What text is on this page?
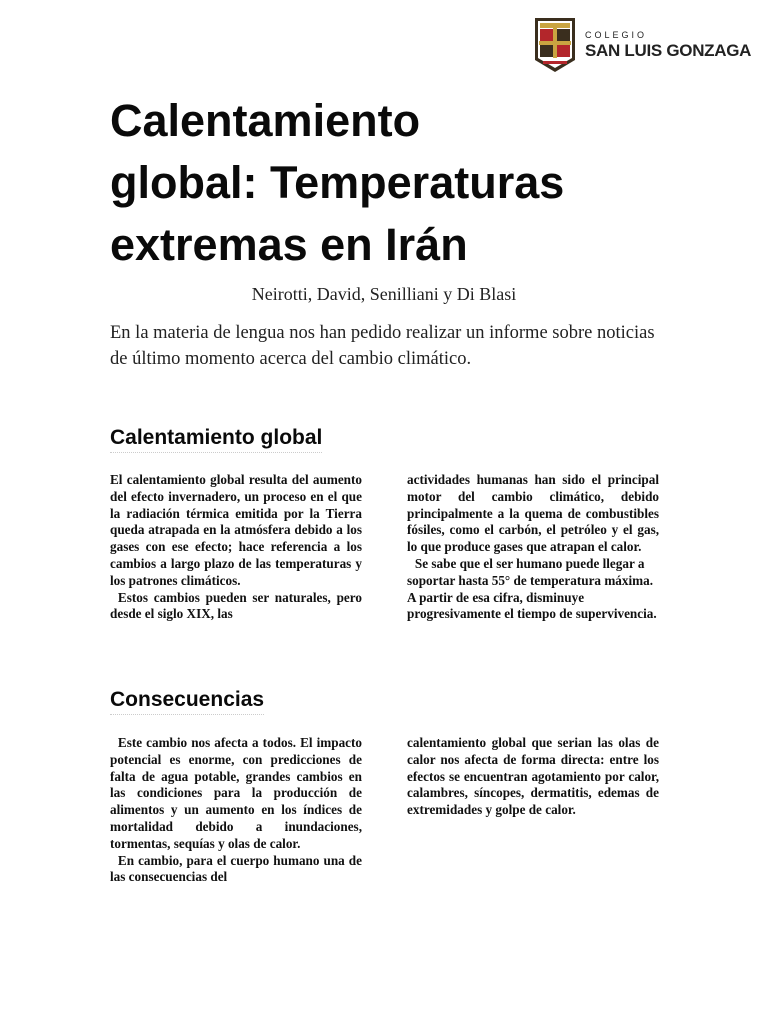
COLEGIO
SAN LUIS GONZAGA
Calentamiento
global: Temperaturas
extremas en Irán
Neirotti, David, Senilliani y Di Blasi

En la materia de lengua nos han pedido realizar un informe sobre noticias de último momento acerca del cambio climático.

Calentamiento global

El calentamiento global resulta del aumento del efecto invernadero, un proceso en el que la radiación térmica emitida por la Tierra queda atrapada en la atmósfera debido a los gases con ese efecto; hace referencia a los cambios a largo plazo de las temperaturas y los patrones climáticos.

Estos cambios pueden ser naturales, pero desde el siglo XIX, las

actividades humanas han sido el principal motor del cambio climático, debido principalmente a la quema de combustibles fósiles, como el carbón, el petróleo y el gas, lo que produce gases que atrapan el calor.

Se sabe que el ser humano puede llegar a soportar hasta 55° de temperatura máxima. A partir de esa cifra, disminuye progresivamente el tiempo de supervivencia.

Consecuencias

Este cambio nos afecta a todos. El impacto potencial es enorme, con predicciones de falta de agua potable, grandes cambios en las condiciones para la producción de alimentos y un aumento en los índices de mortalidad debido a inundaciones, tormentas, sequías y olas de calor.

En cambio, para el cuerpo humano una de las consecuencias del

calentamiento global que serian las olas de calor nos afecta de forma directa: entre los efectos se encuentran agotamiento por calor, calambres, síncopes, dermatitis, edemas de extremidades y golpe de calor.
